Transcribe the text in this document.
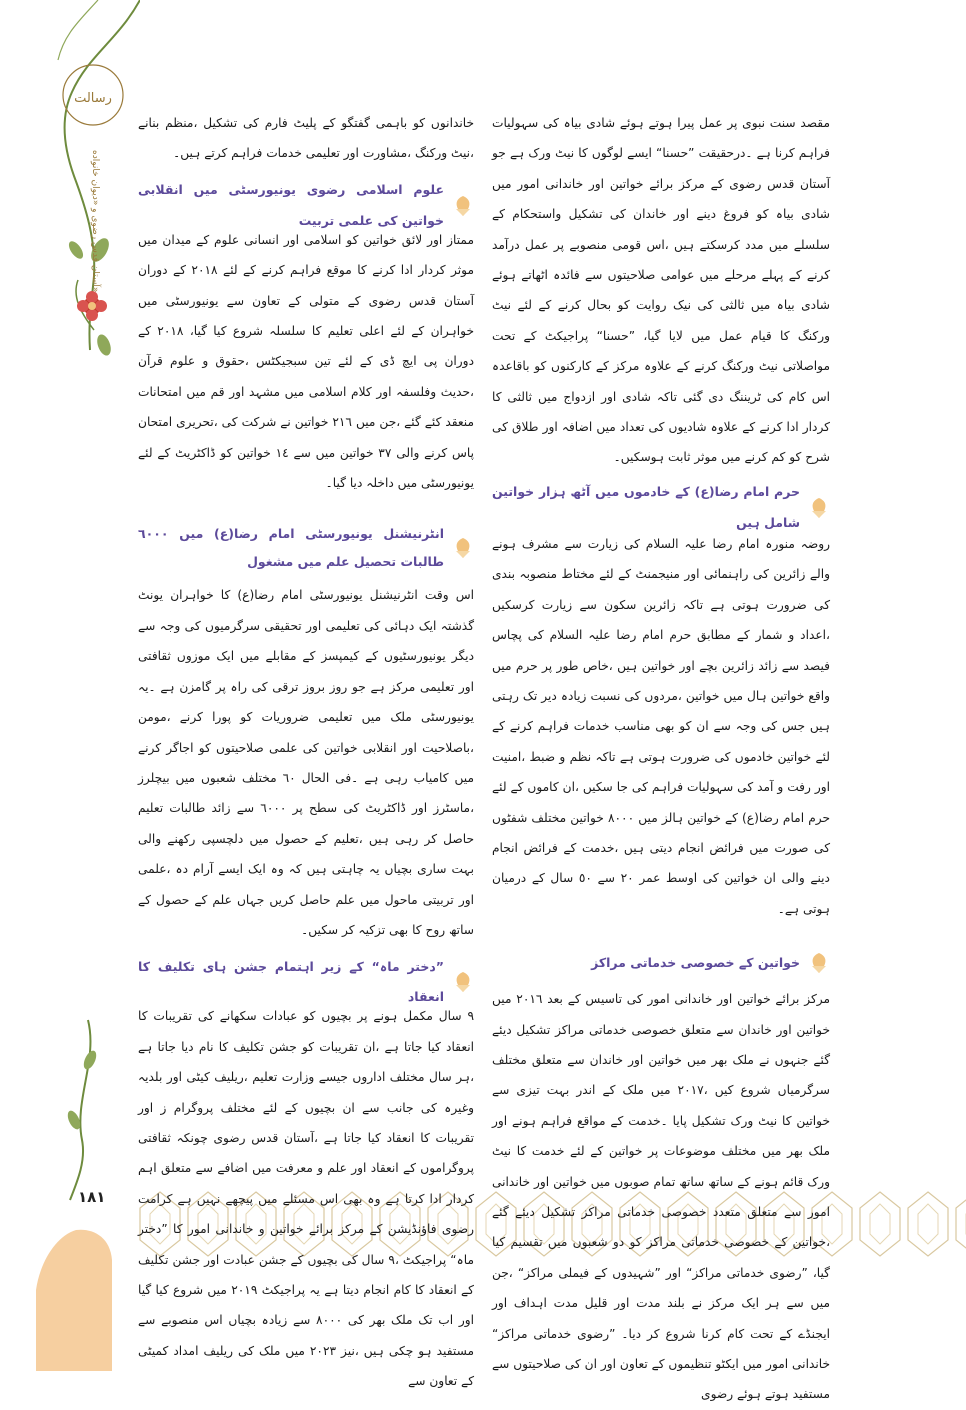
رسالت
آستان قدس رضوی و «دیوان خانواده»
١٨١

مقصد سنت نبوی پر عمل پیرا ہوتے ہوئے شادی بیاہ کی سہولیات فراہم کرنا ہے ۔درحقیقت ”حسنا“ ایسے لوگوں کا نیٹ ورک ہے جو آستان قدس رضوی کے مرکز برائے خواتین اور خاندانی امور میں شادی بیاہ کو فروغ دینے اور خاندان کی تشکیل واستحکام کے سلسلے میں مدد کرسکتے ہیں ،اس قومی منصوبے پر عمل درآمد کرنے کے پہلے مرحلے میں عوامی صلاحیتوں سے فائدہ اٹھاتے ہوئے شادی بیاہ میں ثالثی کی نیک روایت کو بحال کرنے کے لئے نیٹ ورکنگ کا قیام عمل میں لایا گیا، ”حسنا“ پراجیکٹ کے تحت مواصلاتی نیٹ ورکنگ کرنے کے علاوہ مرکز کے کارکنوں کو باقاعدہ اس کام کی ٹریننگ دی گئی تاکہ شادی اور ازدواج میں ثالثی کا کردار ادا کرنے کے علاوہ شادیوں کی تعداد میں اضافہ اور طلاق کی شرح کو کم کرنے میں موثر ثابت ہوسکیں۔

حرم امام رضا(ع) کے خادموں میں آٹھ ہزار خواتین شامل ہیں

روضہ منورہ امام رضا علیہ السلام کی زیارت سے مشرف ہونے والے زائرین کی راہنمائی اور منیجمنٹ کے لئے مختاط منصوبہ بندی کی ضرورت ہوتی ہے تاکہ زائرین سکون سے زیارت کرسکیں ،اعداد و شمار کے مطابق حرم امام رضا علیہ السلام کی پچاس فیصد سے زائد زائرین بچے اور خواتین ہیں ،خاص طور پر حرم میں واقع خواتین ہال میں خواتین ،مردوں کی نسبت زیادہ دیر تک رہتی ہیں جس کی وجہ سے ان کو بھی مناسب خدمات فراہم کرنے کے لئے خواتین خادموں کی ضرورت ہوتی ہے تاکہ نظم و ضبط ،امنیت اور رفت و آمد کی سہولیات فراہم کی جا سکیں ،ان کاموں کے لئے حرم امام رضا(ع) کے خواتین ہالز میں ٨٠٠٠ خواتین مختلف شفٹوں کی صورت میں فرائض انجام دیتی ہیں ،خدمت کے فرائض انجام دینے والی ان خواتین کی اوسط عمر ٢٠ سے ٥٠ سال کے درمیان ہوتی ہے۔

خواتین کے خصوصی خدماتی مراکز

مرکز برائے خواتین اور خاندانی امور کی تاسیس کے بعد ٢٠١٦ میں خواتین اور خاندان سے متعلق خصوصی خدماتی مراکز تشکیل دیئے گئے جنہوں نے ملک بھر میں خواتین اور خاندان سے متعلق مختلف سرگرمیاں شروع کیں ،٢٠١٧ میں ملک کے اندر بہت تیزی سے خواتین کا نیٹ ورک تشکیل پایا ۔خدمت کے مواقع فراہم ہونے اور ملک بھر میں مختلف موضوعات پر خواتین کے لئے خدمت کا نیٹ ورک قائم ہونے کے ساتھ ساتھ تمام صوبوں میں خواتین اور خاندانی امور سے متعلق متعدد خصوصی خدماتی مراکز تشکیل دیئے گئے ،خواتین کے خصوصی خدماتی مراکز کو دو شعبوں میں تقسیم کیا گیا، ”رضوی خدماتی مراکز“ اور ”شہیدوں کے فیملی مراکز“ ،جن میں سے ہر ایک مرکز نے بلند مدت اور قلیل مدت اہداف اور ایجنڈے کے تحت کام کرنا شروع کر دیا۔ ”رضوی خدماتی مراکز“ خاندانی امور میں ایکٹو تنظیموں کے تعاون اور ان کی صلاحیتوں سے مستفید ہوتے ہوئے رضوی

خاندانوں کو باہمی گفتگو کے پلیٹ فارم کی تشکیل ،منظم بنانے ،نیٹ ورکنگ ،مشاورت اور تعلیمی خدمات فراہم کرتے ہیں۔

علوم اسلامی رضوی یونیورسٹی میں انقلابی خواتین کی علمی تربیت

ممتاز اور لائق خواتین کو اسلامی اور انسانی علوم کے میدان میں موثر کردار ادا کرنے کا موقع فراہم کرنے کے لئے ٢٠١٨ کے دوران آستان قدس رضوی کے متولی کے تعاون سے یونیورسٹی میں خواہران کے لئے اعلی تعلیم کا سلسلہ شروع کیا گیا، ٢٠١٨ کے دوران پی ایچ ڈی کے لئے تین سبجیکٹس ،حقوق و علوم قرآن ،حدیث وفلسفہ اور کلام اسلامی میں مشہد اور قم میں امتحانات منعقد کئے گئے ،جن میں ٢١٦ خواتین نے شرکت کی ،تحریری امتحان پاس کرنے والی ٣٧ خواتین میں سے ١٤ خواتین کو ڈاکٹریٹ کے لئے یونیورسٹی میں داخلہ دیا گیا۔

انٹرنیشنل یونیورسٹی امام رضا(ع) میں ٦٠٠٠ طالبات تحصیل علم میں مشغول

اس وقت انٹرنیشنل یونیورسٹی امام رضا(ع) کا خواہران یونٹ گذشتہ ایک دہائی کی تعلیمی اور تحقیقی سرگرمیوں کی وجہ سے دیگر یونیورسٹیوں کے کیمپسز کے مقابلے میں ایک موزوں ثقافتی اور تعلیمی مرکز ہے جو روز بروز ترقی کی راہ پر گامزن ہے ۔یہ یونیورسٹی ملک میں تعلیمی ضروریات کو پورا کرنے ،مومن ،باصلاحیت اور انقلابی خواتین کی علمی صلاحیتوں کو اجاگر کرنے میں کامیاب رہی ہے ۔فی الحال ٦٠ مختلف شعبوں میں بیچلرز ،ماسٹرز اور ڈاکٹریٹ کی سطح پر ٦٠٠٠ سے زائد طالبات تعلیم حاصل کر رہی ہیں ،تعلیم کے حصول میں دلچسپی رکھنے والی بہت ساری بچیاں یہ چاہتی ہیں کہ وہ ایک ایسے آرام دہ ،علمی اور تربیتی ماحول میں علم حاصل کریں جہاں علم کے حصول کے ساتھ روح کا بھی تزکیہ کر سکیں۔

”دختر ماہ“ کے زیر اہتمام جشن ہای تکلیف کا انعقاد

٩ سال مکمل ہونے پر بچیوں کو عبادات سکھانے کی تقریبات کا انعقاد کیا جاتا ہے ،ان تقریبات کو جشن تکلیف کا نام دیا جاتا ہے ،ہر سال مختلف اداروں جیسے وزارت تعلیم ،ریلیف کیٹی اور بلدیہ وغیرہ کی جانب سے ان بچیوں کے لئے مختلف پروگرام ز اور تقریبات کا انعقاد کیا جاتا ہے ،آستان قدس رضوی چونکہ ثقافتی پروگراموں کے انعقاد اور علم و معرفت میں اضافے سے متعلق اہم کردار ادا کرتا ہے وہ بھی اس مسئلے میں پیچھے نہیں ہے کرامت رضوی فاؤنڈیشن کے مرکز برائے خواتین و خاندانی امور کا ”دختر ماہ“ پراجیکٹ ،٩ سال کی بچیوں کے جشن عبادت اور جشن تکلیف کے انعقاد کا کام انجام دیتا ہے یہ پراجیکٹ ٢٠١٩ میں شروع کیا گیا اور اب تک ملک بھر کی ٨٠٠٠ سے زیادہ بچیاں اس منصوبے سے مستفید ہو چکی ہیں ،نیز ٢٠٢٣ میں ملک کی ریلیف امداد کمیٹی کے تعاون سے
